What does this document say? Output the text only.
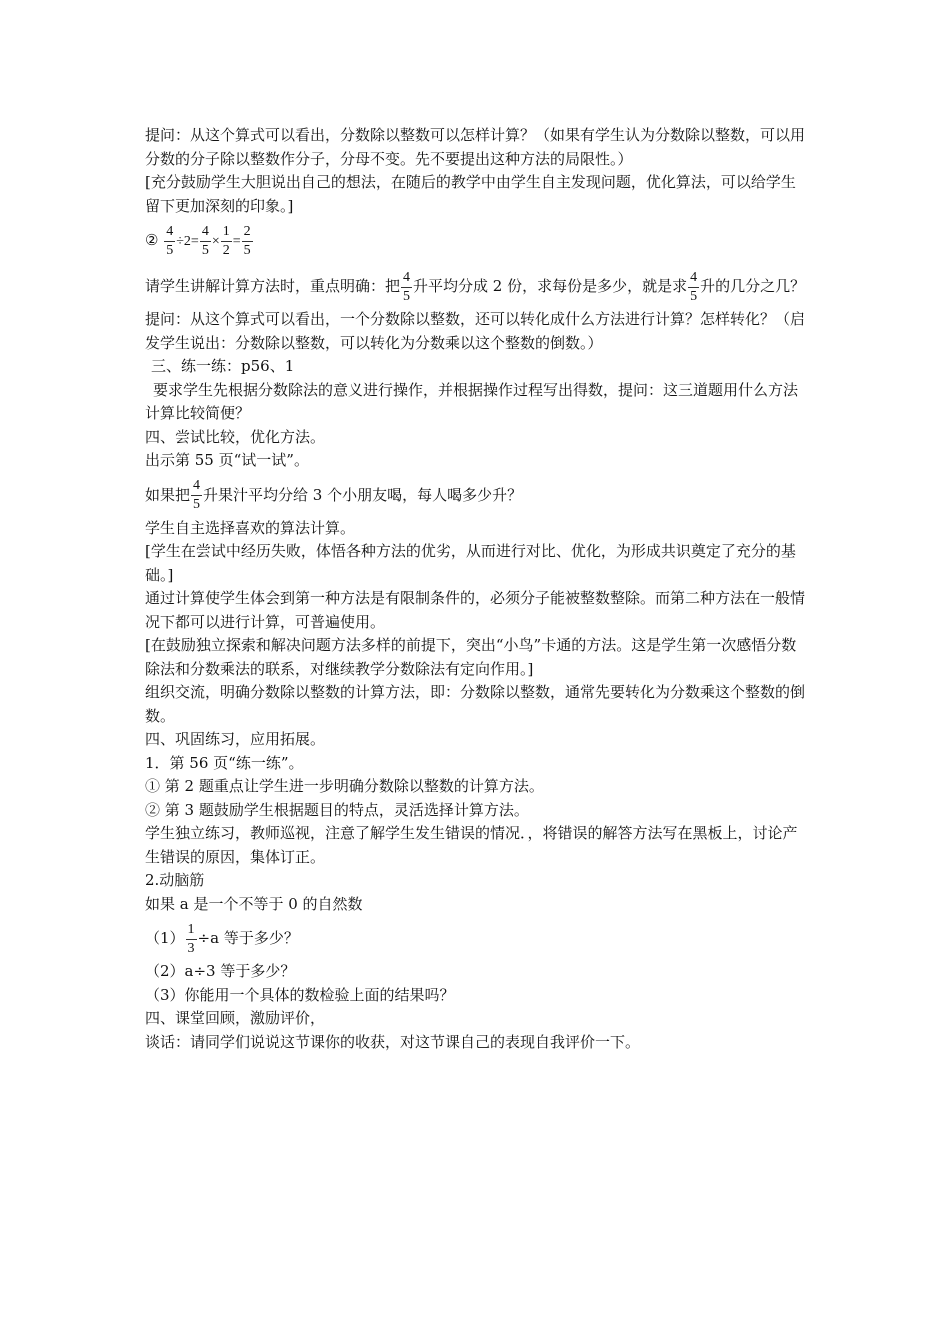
提问：从这个算式可以看出，分数除以整数可以怎样计算？（如果有学生认为分数除以整数，可以用分数的分子除以整数作分子，分母不变。先不要提出这种方法的局限性。）

[充分鼓励学生大胆说出自己的想法，在随后的教学中由学生自主发现问题，优化算法，可以给学生留下更加深刻的印象。]

② $\frac{4}{5} \div 2= \frac{4}{5} \times \frac{1}{2} = \frac{2}{5}$

请学生讲解计算方法时，重点明确：把 $\frac{4}{5}$ 升平均分成 2 份，求每份是多少，就是求 $\frac{4}{5}$ 升的几分之几？

提问：从这个算式可以看出，一个分数除以整数，还可以转化成什么方法进行计算？怎样转化？（启发学生说出：分数除以整数，可以转化为分数乘以这个整数的倒数。）

三、练一练：p56、1

要求学生先根据分数除法的意义进行操作，并根据操作过程写出得数，提问：这三道题用什么方法计算比较简便？

四、尝试比较，优化方法。

出示第 55 页“试一试”。

如果把 $\frac{4}{5}$ 升果汁平均分给 3 个小朋友喝，每人喝多少升？

学生自主选择喜欢的算法计算。

[学生在尝试中经历失败，体悟各种方法的优劣，从而进行对比、优化，为形成共识奠定了充分的基础。]

通过计算使学生体会到第一种方法是有限制条件的，必须分子能被整数整除。而第二种方法在一般情况下都可以进行计算，可普遍使用。

[在鼓励独立探索和解决问题方法多样的前提下，突出“小鸟”卡通的方法。这是学生第一次感悟分数除法和分数乘法的联系，对继续教学分数除法有定向作用。]

组织交流，明确分数除以整数的计算方法，即：分数除以整数，通常先要转化为分数乘这个整数的倒数。

四、巩固练习，应用拓展。

1．第 56 页“练一练”。

① 第 2 题重点让学生进一步明确分数除以整数的计算方法。

② 第 3 题鼓励学生根据题目的特点，灵活选择计算方法。

学生独立练习，教师巡视，注意了解学生发生错误的情况．，将错误的解答方法写在黑板上，讨论产生错误的原因，集体订正。

2.动脑筋

如果 a 是一个不等于 0 的自然数

$(1) \frac{1}{3} \div a$ 等于多少？

（2）a÷3 等于多少？

（3）你能用一个具体的数检验上面的结果吗？

四、课堂回顾，激励评价，

谈话：请同学们说说这节课你的收获，对这节课自己的表现自我评价一下。
